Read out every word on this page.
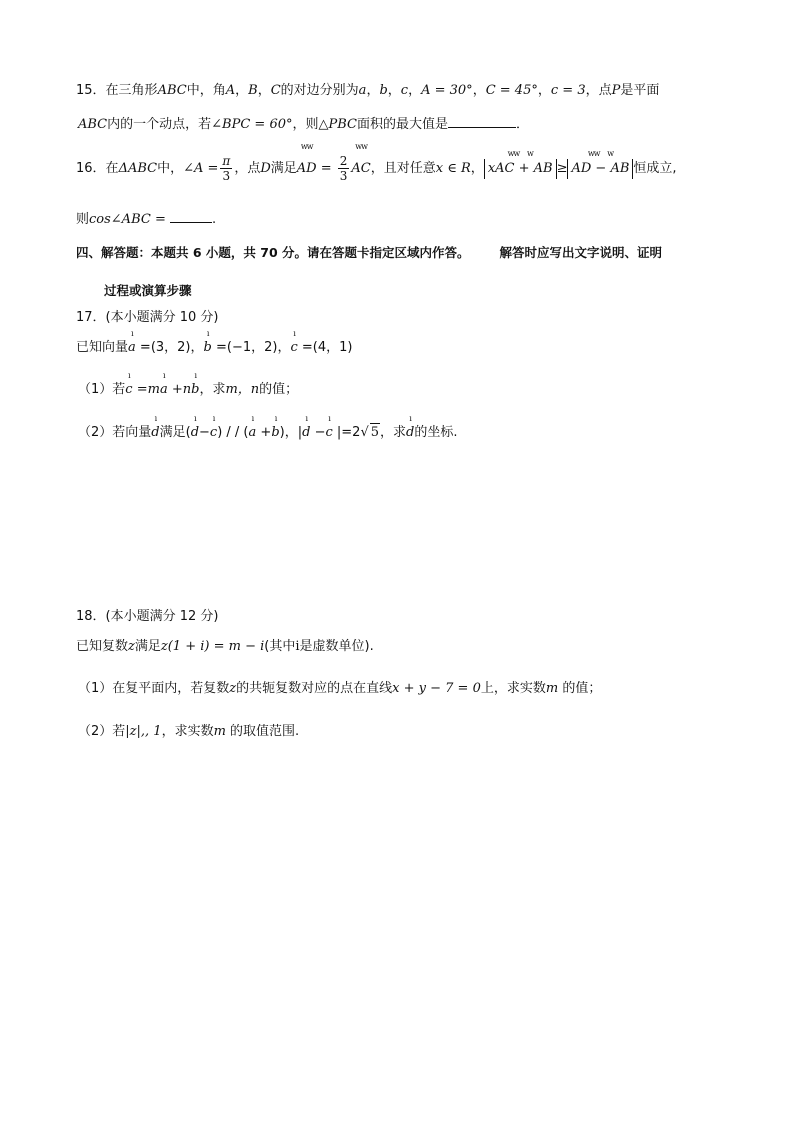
15．在三角形ABC中，角A，B，C的对边分别为a，b，c，A = 30°，C = 45°，c = 3，点P是平面
ABC内的一个动点，若∠BPC = 60°，则△PBC面积的最大值是	．
16．在ΔABC中，∠A = $\frac{\pi}{3}$ ，点D满足
ww
AD = $\frac{2}{3}$
ww
AC，且对任意x ∈ R，
ww     w
xAC + AB ≥
ww     w
AD − AB 恒成立,
则cos∠ABC =	.
四、解答题：本题共 6 小题，共 70 分。请在答题卡指定区域内作答。 解答时应写出文字说明、证明
过程或演算步骤
17．(本小题满分 10 分)
已知向量
ı
a =(3，2)，
ı
b =(−1，2)，
ı
c =(4，1)
（1）若
ı
c =m
ı
a +n
ı
b，求m，n的值；
（2）若向量
ı
d满足(
ı
d−
ı
c) / / (
ı
a +
ı
b)，|
ı
d −
ı
c |=2√ 5，求
ı
d的坐标.
18．(本小题满分 12 分)
已知复数z满足z(1 + i) = m − i(其中i是虚数单位).
（1）在复平面内，若复数z的共轭复数对应的点在直线x + y − 7 = 0上，求实数m 的值；
（2）若|z|,, 1，求实数m 的取值范围.
